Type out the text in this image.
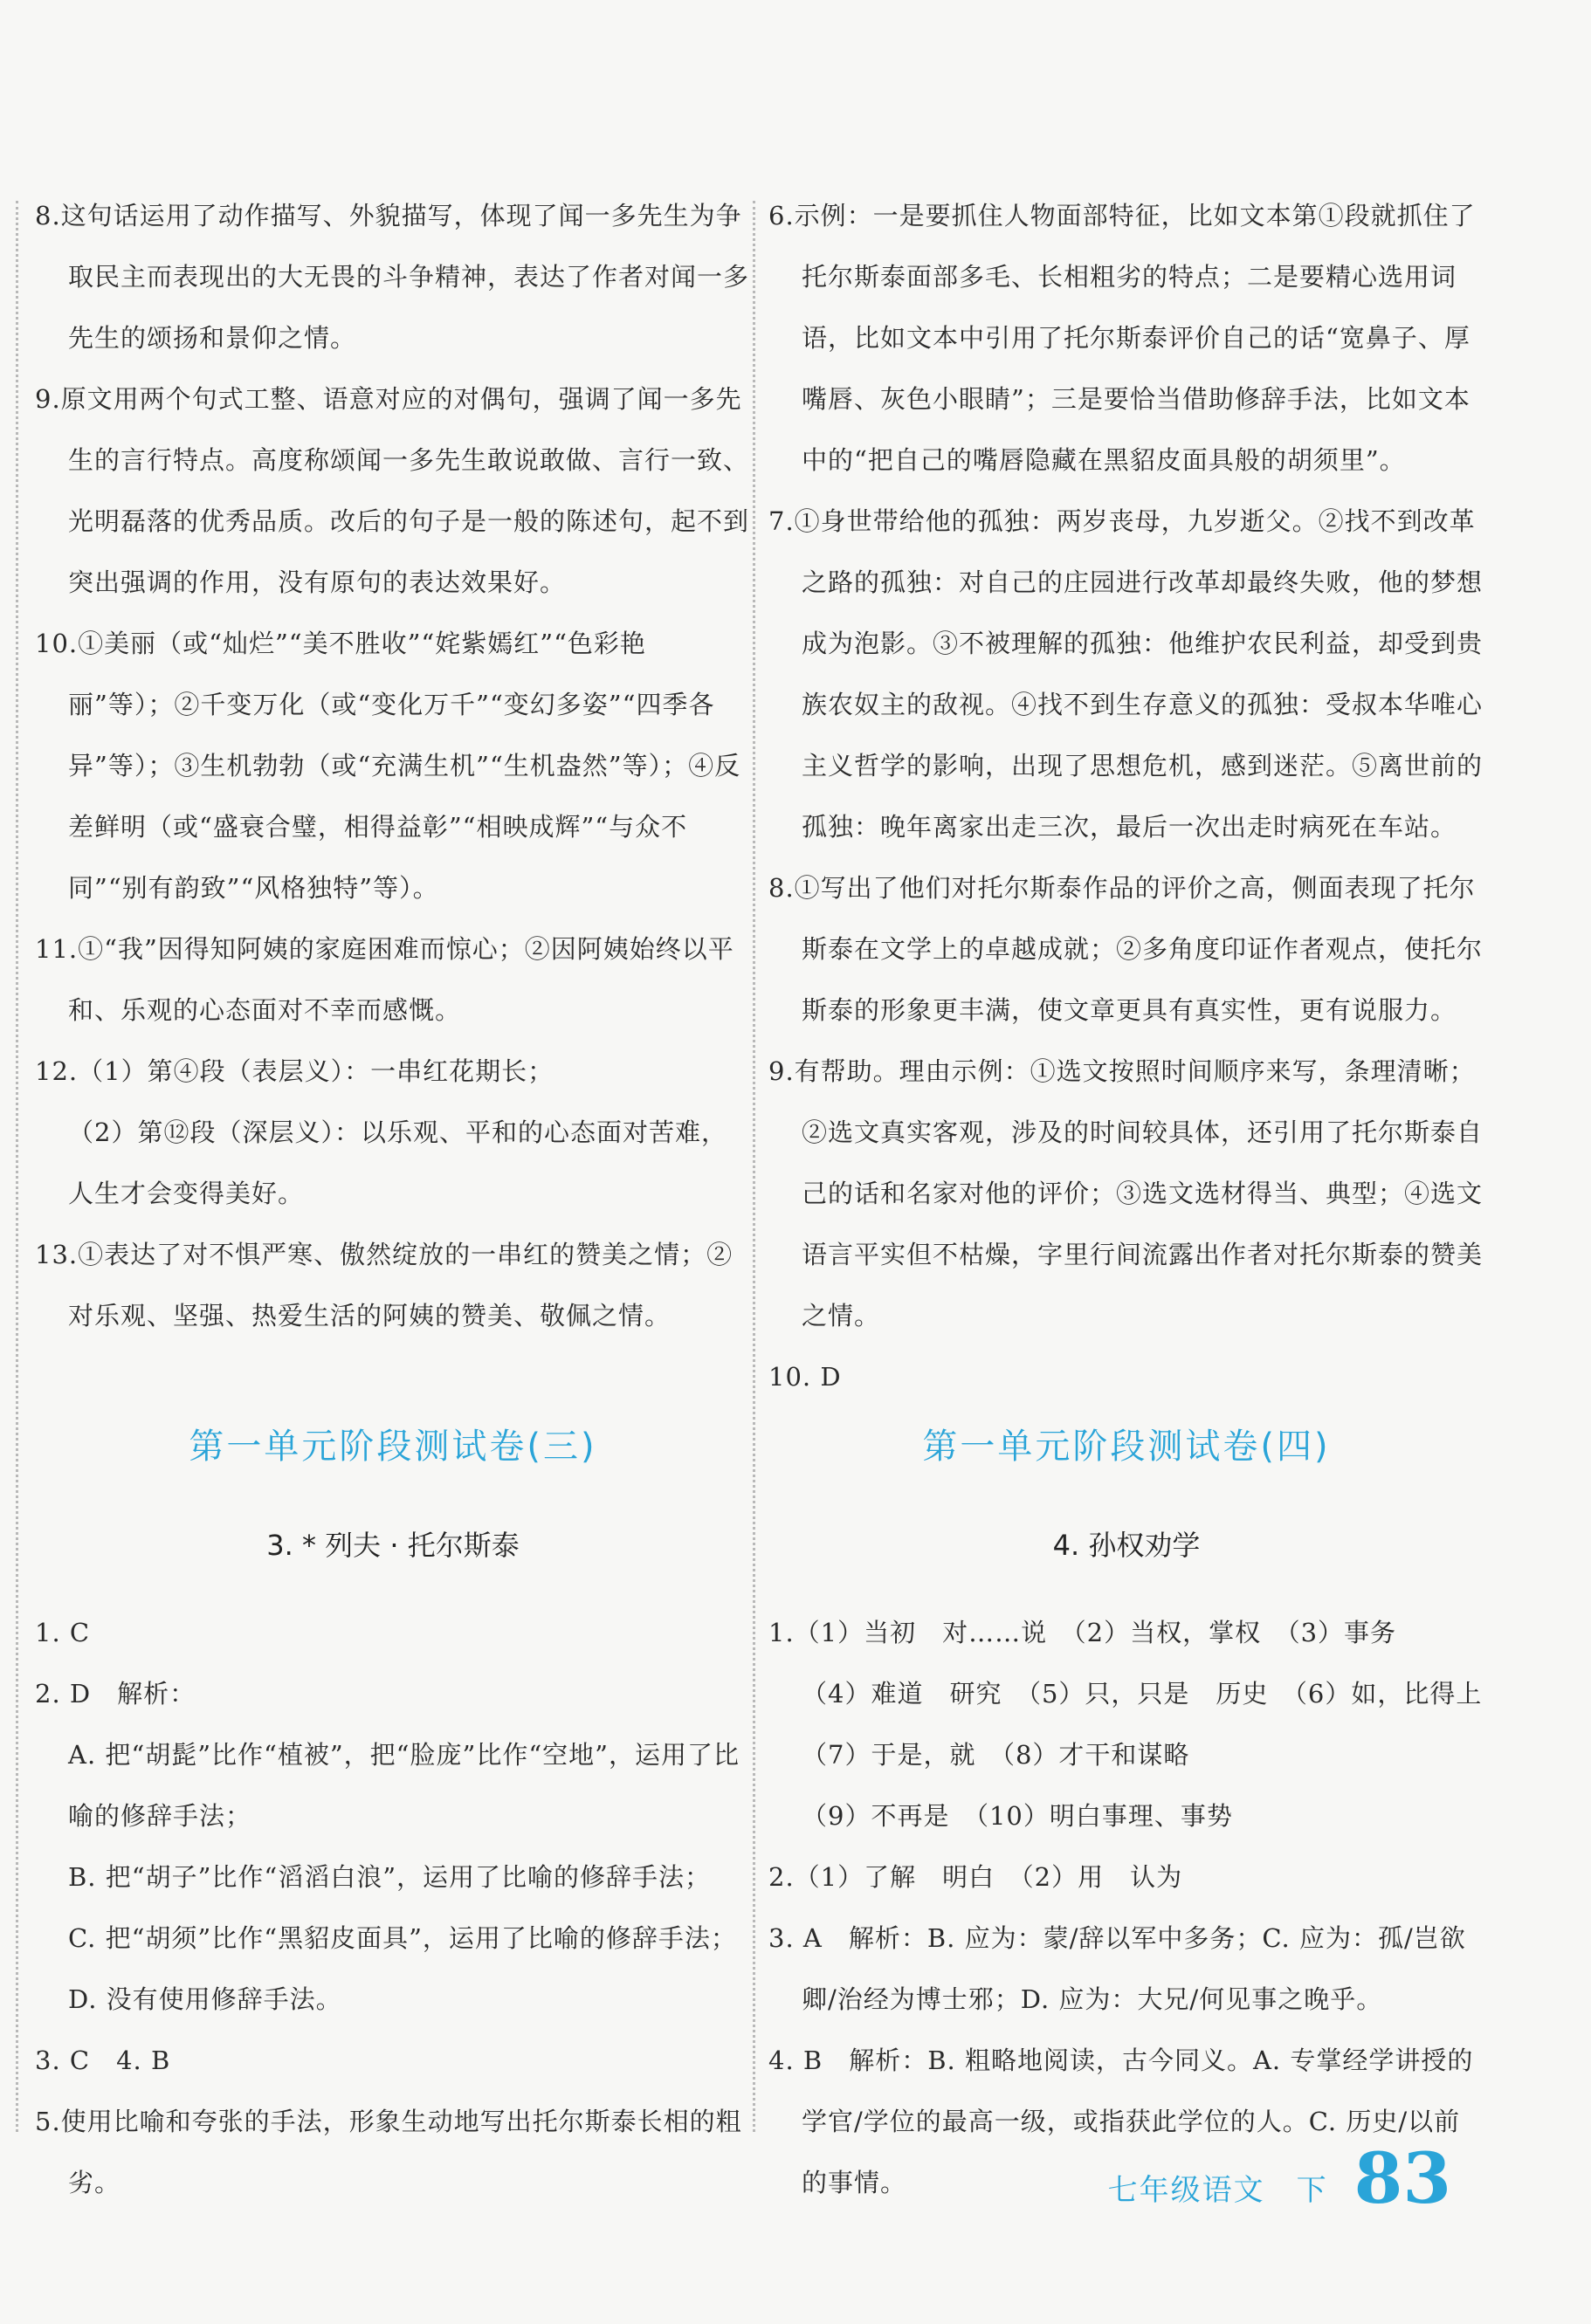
8.这句话运用了动作描写、外貌描写，体现了闻一多先生为争取民主而表现出的大无畏的斗争精神，表达了作者对闻一多先生的颂扬和景仰之情。

9.原文用两个句式工整、语意对应的对偶句，强调了闻一多先生的言行特点。高度称颂闻一多先生敢说敢做、言行一致、光明磊落的优秀品质。改后的句子是一般的陈述句，起不到突出强调的作用，没有原句的表达效果好。

10.①美丽（或“灿烂”“美不胜收”“姹紫嫣红”“色彩艳丽”等）；②千变万化（或“变化万千”“变幻多姿”“四季各异”等）；③生机勃勃（或“充满生机”“生机盎然”等）；④反差鲜明（或“盛衰合璧，相得益彰”“相映成辉”“与众不同”“别有韵致”“风格独特”等）。

11.①“我”因得知阿姨的家庭困难而惊心；②因阿姨始终以平和、乐观的心态面对不幸而感慨。

12.（1）第④段（表层义）：一串红花期长；

（2）第⑫段（深层义）：以乐观、平和的心态面对苦难，人生才会变得美好。

13.①表达了对不惧严寒、傲然绽放的一串红的赞美之情；②对乐观、坚强、热爱生活的阿姨的赞美、敬佩之情。

第一单元阶段测试卷(三)
3. * 列夫 · 托尔斯泰

1. C

2. D　解析：

A. 把“胡髭”比作“植被”，把“脸庞”比作“空地”，运用了比喻的修辞手法；

B. 把“胡子”比作“滔滔白浪”，运用了比喻的修辞手法；

C. 把“胡须”比作“黑貂皮面具”，运用了比喻的修辞手法；

D. 没有使用修辞手法。

3. C　4. B

5.使用比喻和夸张的手法，形象生动地写出托尔斯泰长相的粗劣。

6.示例：一是要抓住人物面部特征，比如文本第①段就抓住了托尔斯泰面部多毛、长相粗劣的特点；二是要精心选用词语，比如文本中引用了托尔斯泰评价自己的话“宽鼻子、厚嘴唇、灰色小眼睛”；三是要恰当借助修辞手法，比如文本中的“把自己的嘴唇隐藏在黑貂皮面具般的胡须里”。

7.①身世带给他的孤独：两岁丧母，九岁逝父。②找不到改革之路的孤独：对自己的庄园进行改革却最终失败，他的梦想成为泡影。③不被理解的孤独：他维护农民利益，却受到贵族农奴主的敌视。④找不到生存意义的孤独：受叔本华唯心主义哲学的影响，出现了思想危机，感到迷茫。⑤离世前的孤独：晚年离家出走三次，最后一次出走时病死在车站。

8.①写出了他们对托尔斯泰作品的评价之高，侧面表现了托尔斯泰在文学上的卓越成就；②多角度印证作者观点，使托尔斯泰的形象更丰满，使文章更具有真实性，更有说服力。

9.有帮助。理由示例：①选文按照时间顺序来写，条理清晰；②选文真实客观，涉及的时间较具体，还引用了托尔斯泰自己的话和名家对他的评价；③选文选材得当、典型；④选文语言平实但不枯燥，字里行间流露出作者对托尔斯泰的赞美之情。

10. D

第一单元阶段测试卷(四)
4. 孙权劝学

1.（1）当初　对……说　（2）当权，掌权　（3）事务

（4）难道　研究　（5）只，只是　历史　（6）如，比得上

（7）于是，就　（8）才干和谋略

（9）不再是　（10）明白事理、事势

2.（1）了解　明白　（2）用　认为

3. A　解析：B. 应为：蒙/辞以军中多务；C. 应为：孤/岂欲卿/治经为博士邪；D. 应为：大兄/何见事之晚乎。

4. B　解析：B. 粗略地阅读，古今同义。A. 专掌经学讲授的学官/学位的最高一级，或指获此学位的人。C. 历史/以前的事情。	七年级语文　下 83
